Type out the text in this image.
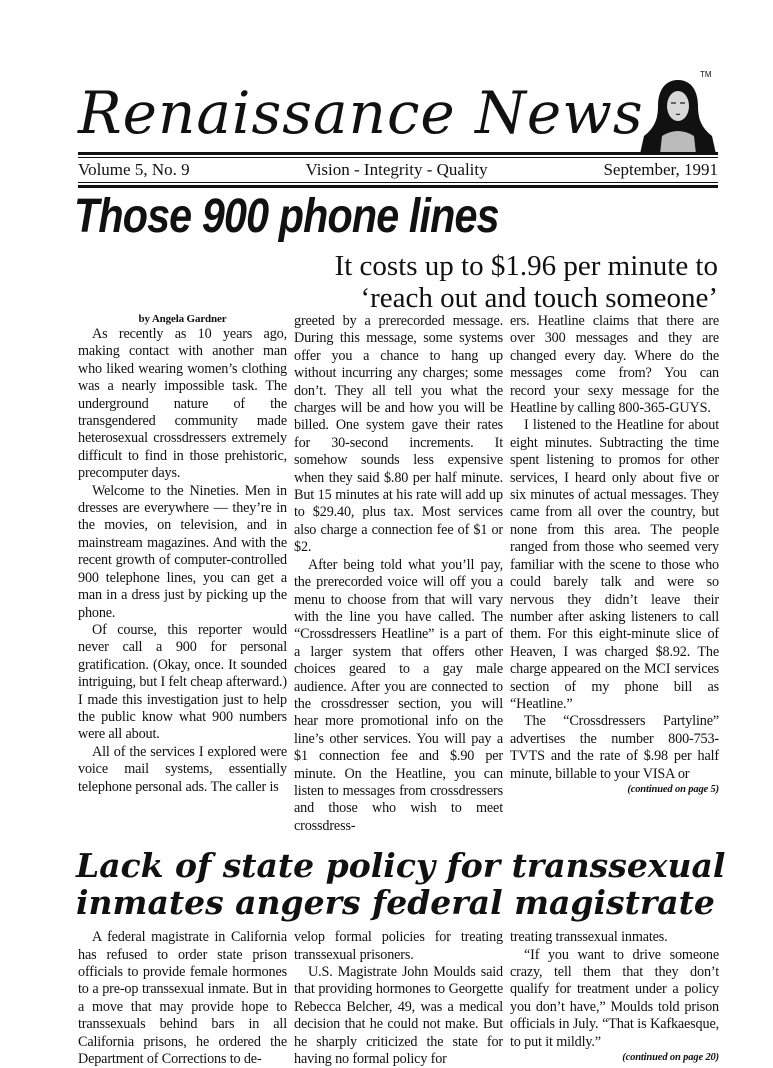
Renaissance News
TM
Volume 5, No. 9	Vision - Integrity - Quality	September, 1991
Those 900 phone lines
It costs up to $1.96 per minute to
‘reach out and touch someone’

by Angela Gardner

As recently as 10 years ago, making contact with another man who liked wearing women’s clothing was a nearly impossible task. The underground nature of the transgendered community made heterosexual crossdressers extremely difficult to find in those prehistoric, precomputer days.

Welcome to the Nineties. Men in dresses are everywhere — they’re in the movies, on television, and in mainstream magazines. And with the recent growth of computer-controlled 900 telephone lines, you can get a man in a dress just by picking up the phone.

Of course, this reporter would never call a 900 for personal gratification. (Okay, once. It sounded intriguing, but I felt cheap afterward.) I made this investigation just to help the public know what 900 numbers were all about.

All of the services I explored were voice mail systems, essentially telephone personal ads. The caller is

greeted by a prerecorded message. During this message, some systems offer you a chance to hang up without incurring any charges; some don’t. They all tell you what the charges will be and how you will be billed. One system gave their rates for 30-second increments. It somehow sounds less expensive when they said $.80 per half minute. But 15 minutes at his rate will add up to $29.40, plus tax. Most services also charge a connection fee of $1 or $2.

After being told what you’ll pay, the prerecorded voice will off you a menu to choose from that will vary with the line you have called. The “Crossdressers Heatline” is a part of a larger system that offers other choices geared to a gay male audience. After you are connected to the crossdresser section, you will hear more promotional info on the line’s other services. You will pay a $1 connection fee and $.90 per minute. On the Heatline, you can listen to messages from crossdressers and those who wish to meet crossdress-

ers. Heatline claims that there are over 300 messages and they are changed every day. Where do the messages come from? You can record your sexy message for the Heatline by calling 800-365-GUYS.

I listened to the Heatline for about eight minutes. Subtracting the time spent listening to promos for other services, I heard only about five or six minutes of actual messages. They came from all over the country, but none from this area. The people ranged from those who seemed very familiar with the scene to those who could barely talk and were so nervous they didn’t leave their number after asking listeners to call them. For this eight-minute slice of Heaven, I was charged $8.92. The charge appeared on the MCI services section of my phone bill as “Heatline.”

The “Crossdressers Partyline” advertises the number 800-753-TVTS and the rate of $.98 per half minute, billable to your VISA or

(continued on page 5)
Lack of state policy for transsexual
inmates angers federal magistrate

A federal magistrate in California has refused to order state prison officials to provide female hormones to a pre-op transsexual inmate. But in a move that may provide hope to transsexuals behind bars in all California prisons, he ordered the Department of Corrections to de-

velop formal policies for treating transsexual prisoners.

U.S. Magistrate John Moulds said that providing hormones to Georgette Rebecca Belcher, 49, was a medical decision that he could not make. But he sharply criticized the state for having no formal policy for

treating transsexual inmates.

“If you want to drive someone crazy, tell them that they don’t qualify for treatment under a policy you don’t have,” Moulds told prison officials in July. “That is Kafkaesque, to put it mildly.”

(continued on page 20)
